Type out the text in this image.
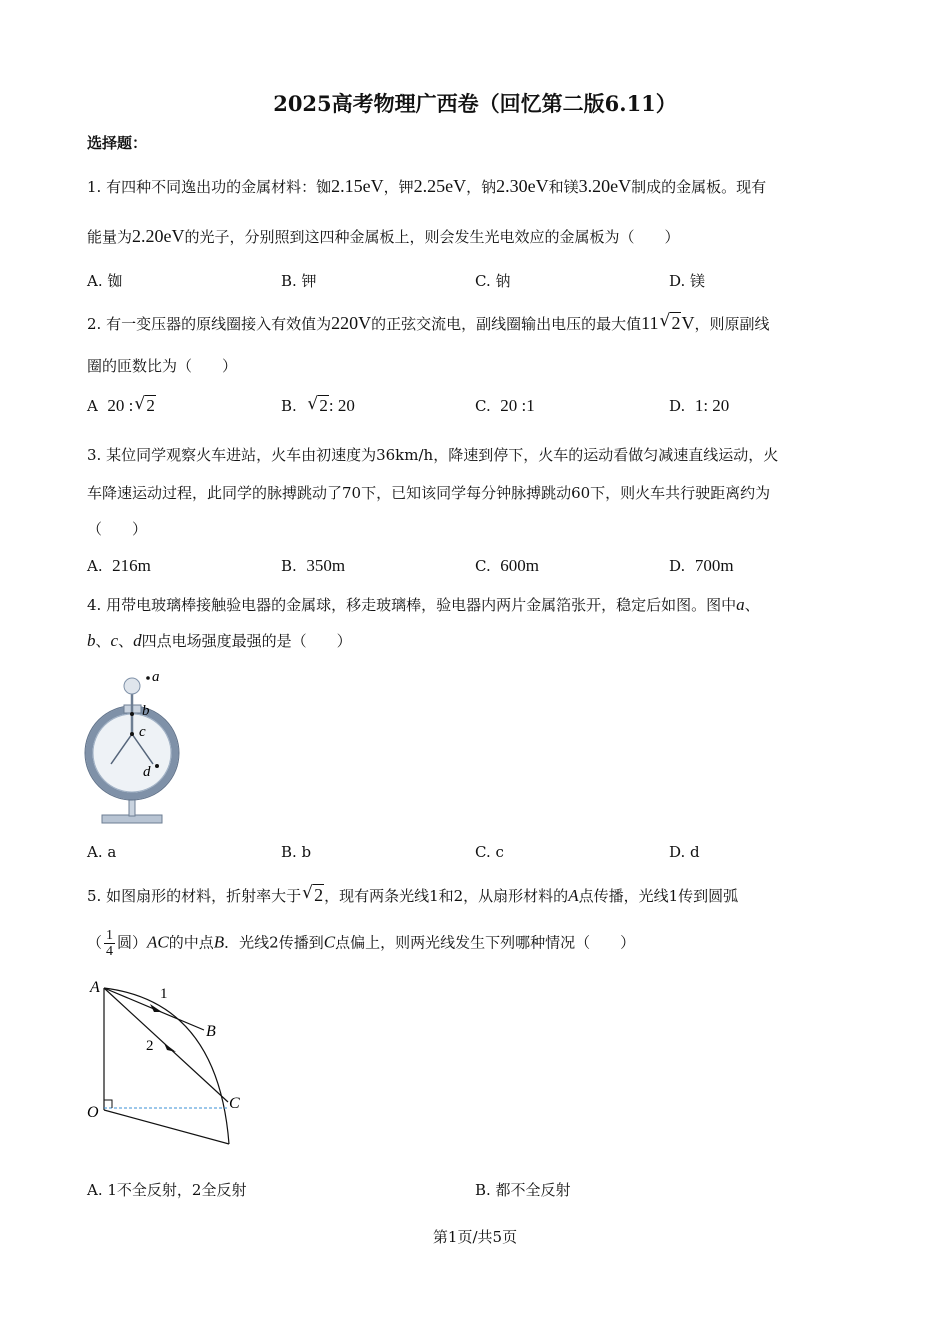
2025高考物理广西卷（回忆第二版6.11）
选择题：
1. 有四种不同逸出功的金属材料：铷2.15eV，钾2.25eV，钠2.30eV和镁3.20eV制成的金属板。现有
能量为2.20eV的光子，分别照到这四种金属板上，则会发生光电效应的金属板为（　　）
A. 铷	B. 钾	C. 钠	D. 镁
2. 有一变压器的原线圈接入有效值为220V的正弦交流电，副线圈输出电压的最大值11 √ 2V，则原副线
圈的匝数比为（　　）
A 20 : √ 2	B. √ 2: 20	C. 20 :1	D. 1: 20
3. 某位同学观察火车进站，火车由初速度为36km/h，降速到停下，火车的运动看做匀减速直线运动，火
车降速运动过程，此同学的脉搏跳动了70下，已知该同学每分钟脉搏跳动60下，则火车共行驶距离约为
（　　）
A. 216m	B. 350m	C. 600m	D. 700m
4. 用带电玻璃棒接触验电器的金属球，移走玻璃棒，验电器内两片金属箔张开，稳定后如图。图中a、
b、c、d四点电场强度最强的是（　　）
a
b
c
d
A. a	B. b	C. c	D. d
5. 如图扇形的材料，折射率大于 √ 2，现有两条光线1和2，从扇形材料的A点传播，光线1传到圆弧
（ $\frac{1}{4}$ 圆）AC的中点B．光线2传播到C点偏上，则两光线发生下列哪种情况（　　）
A
B
C
O
1
2
A. 1不全反射，2全反射	B. 都不全反射
第1页/共5页
